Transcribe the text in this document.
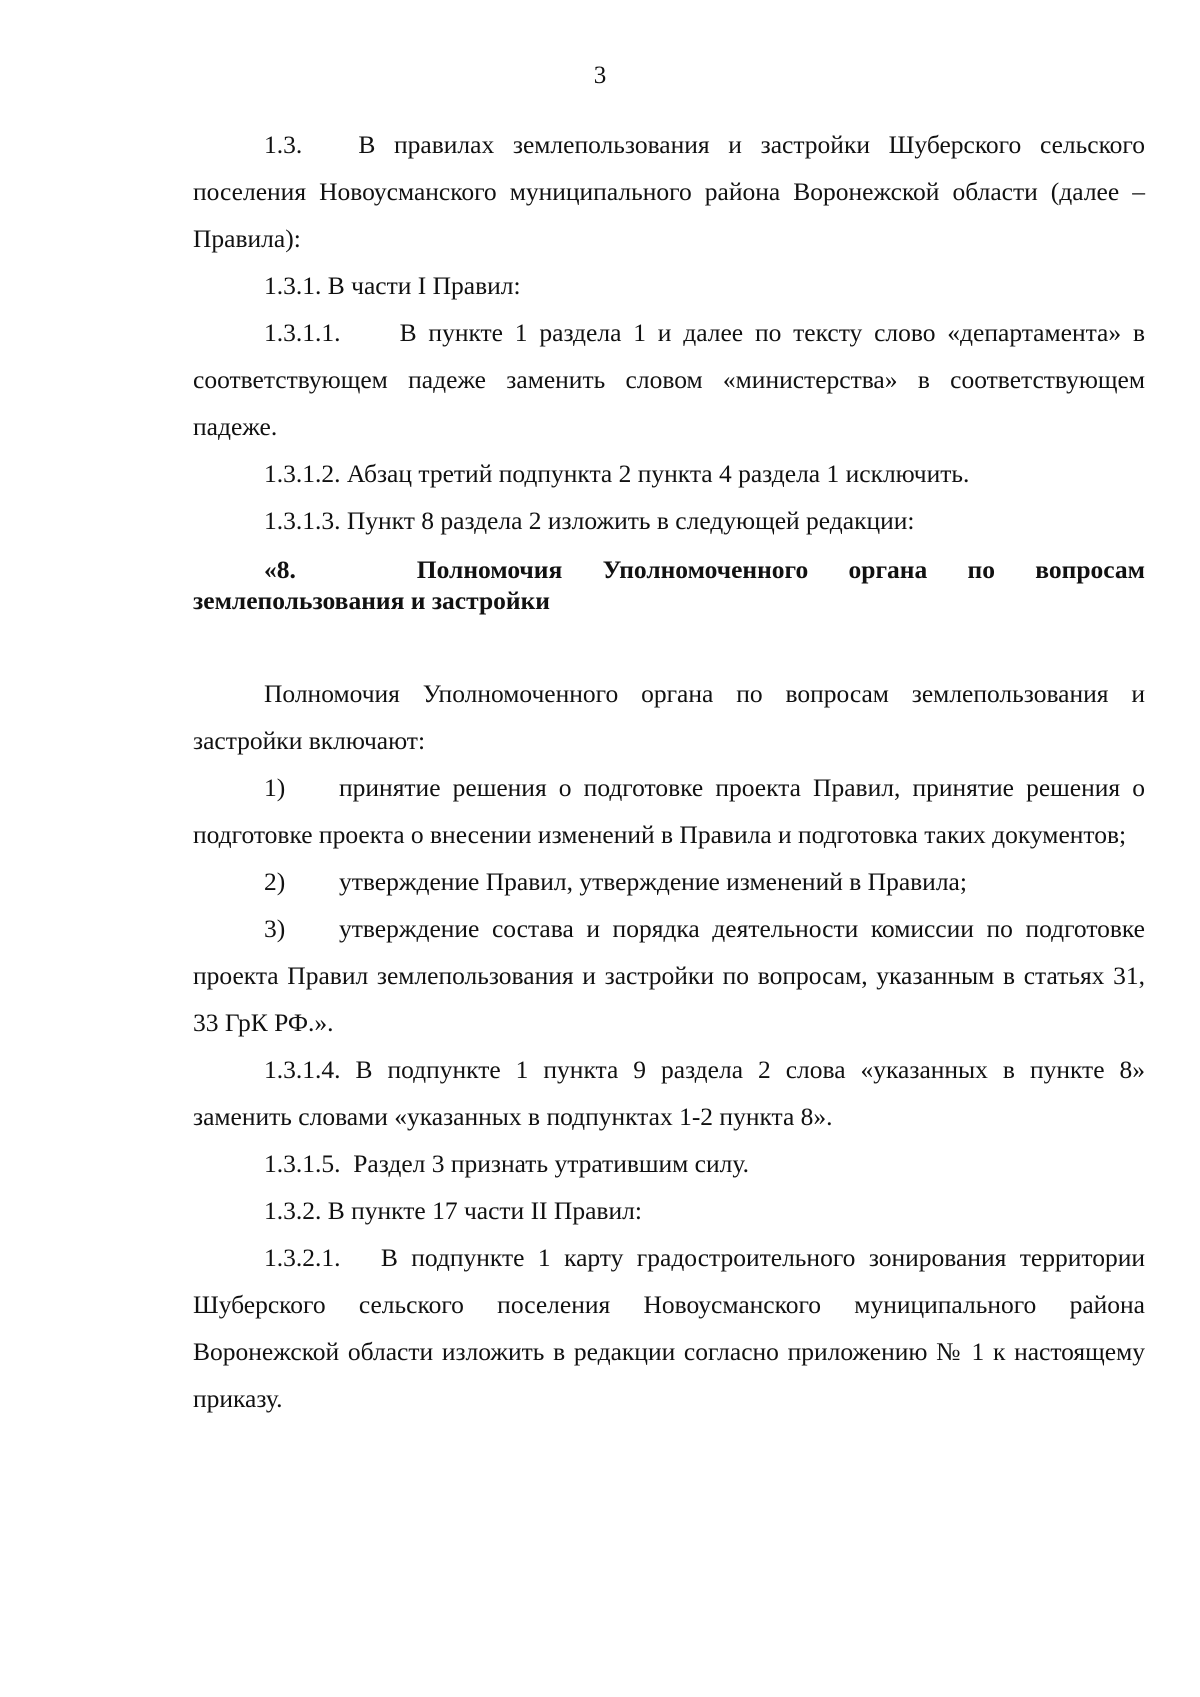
3

1.3.   В правилах землепользования и застройки Шуберского сельского поселения Новоусманского муниципального района Воронежской области (далее – Правила):

1.3.1. В части I Правил:

1.3.1.1.     В пункте 1 раздела 1 и далее по тексту слово «департамента» в соответствующем падеже заменить словом «министерства» в соответствующем падеже.

1.3.1.2. Абзац третий подпункта 2 пункта 4 раздела 1 исключить.

1.3.1.3. Пункт 8 раздела 2 изложить в следующей редакции:

«8.   Полномочия Уполномоченного органа по вопросам

землепользования и застройки

Полномочия Уполномоченного органа по вопросам землепользования и застройки включают:

1) принятие решения о подготовке проекта Правил, принятие решения о подготовке проекта о внесении изменений в Правила и подготовка таких документов;

2) утверждение Правил, утверждение изменений в Правила;

3) утверждение состава и порядка деятельности комиссии по подготовке проекта Правил землепользования и застройки по вопросам, указанным в статьях 31, 33 ГрК РФ.».

1.3.1.4. В подпункте 1 пункта 9 раздела 2 слова «указанных в пункте 8» заменить словами «указанных в подпунктах 1-2 пункта 8».

1.3.1.5.  Раздел 3 признать утратившим силу.

1.3.2. В пункте 17 части II Правил:

1.3.2.1.   В подпункте 1 карту градостроительного зонирования территории Шуберского сельского поселения Новоусманского муниципального района Воронежской области изложить в редакции согласно приложению № 1 к настоящему приказу.
